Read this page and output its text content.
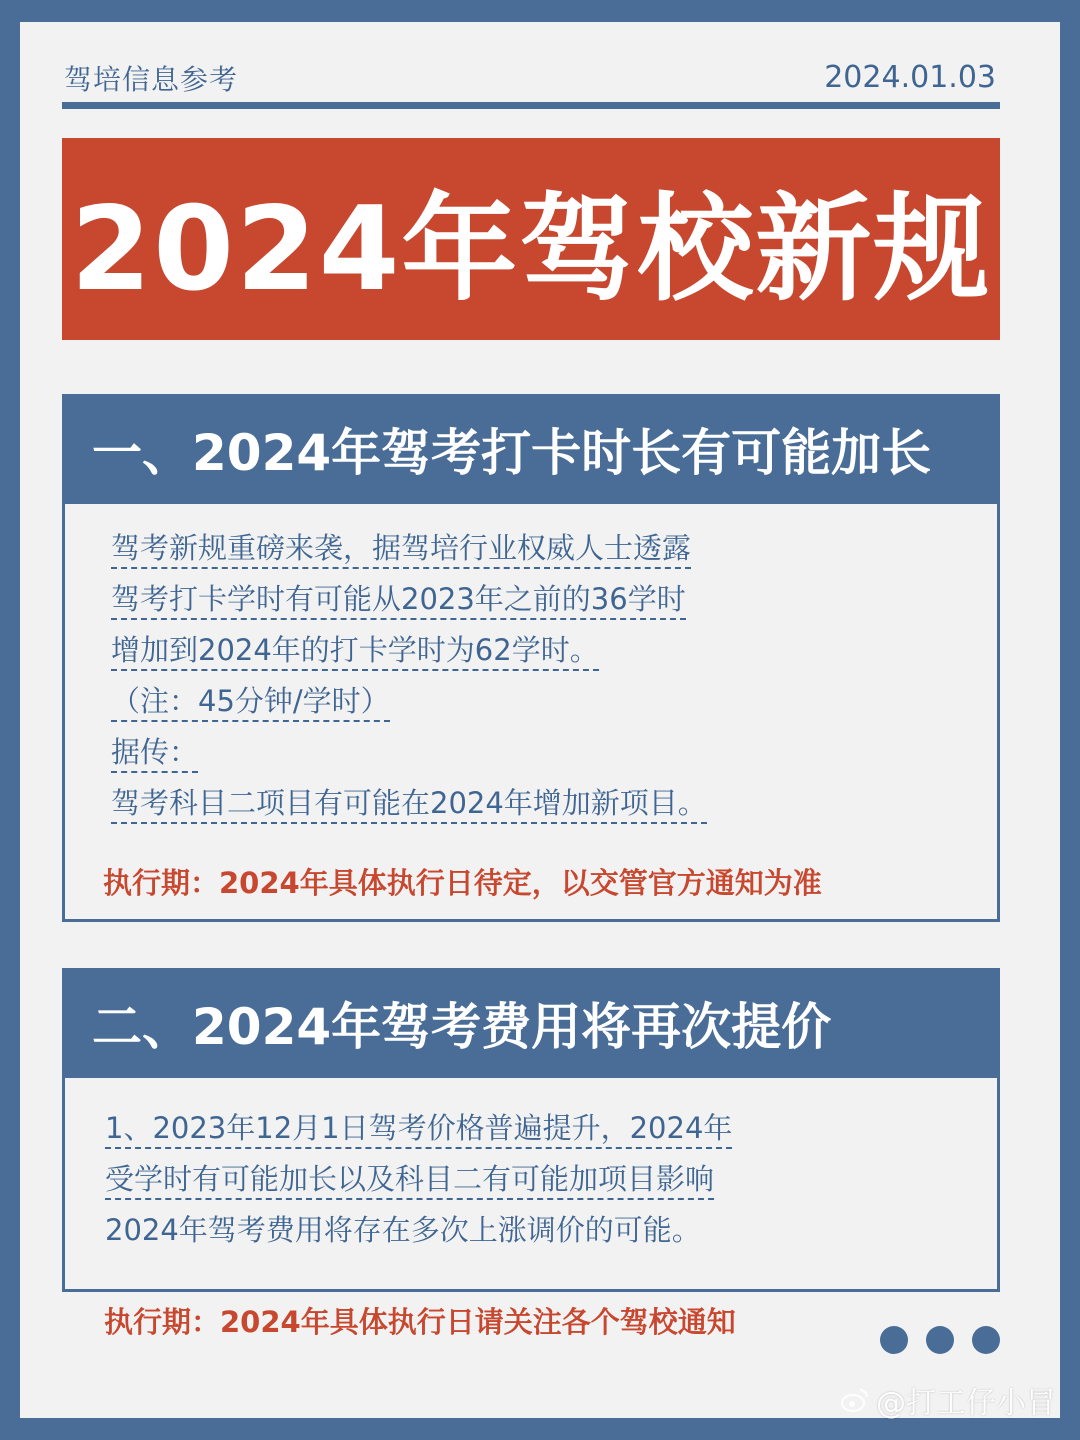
驾培信息参考	2024.01.03
2024年驾校新规
一、2024年驾考打卡时长有可能加长
驾考新规重磅来袭，据驾培行业权威人士透露
驾考打卡学时有可能从2023年之前的36学时
增加到2024年的打卡学时为62学时。
（注：45分钟/学时）
据传：
驾考科目二项目有可能在2024年增加新项目。
执行期：2024年具体执行日待定，以交管官方通知为准
二、2024年驾考费用将再次提价
1、2023年12月1日驾考价格普遍提升，2024年
受学时有可能加长以及科目二有可能加项目影响
2024年驾考费用将存在多次上涨调价的可能。
执行期：2024年具体执行日请关注各个驾校通知
@打工仔小冒
